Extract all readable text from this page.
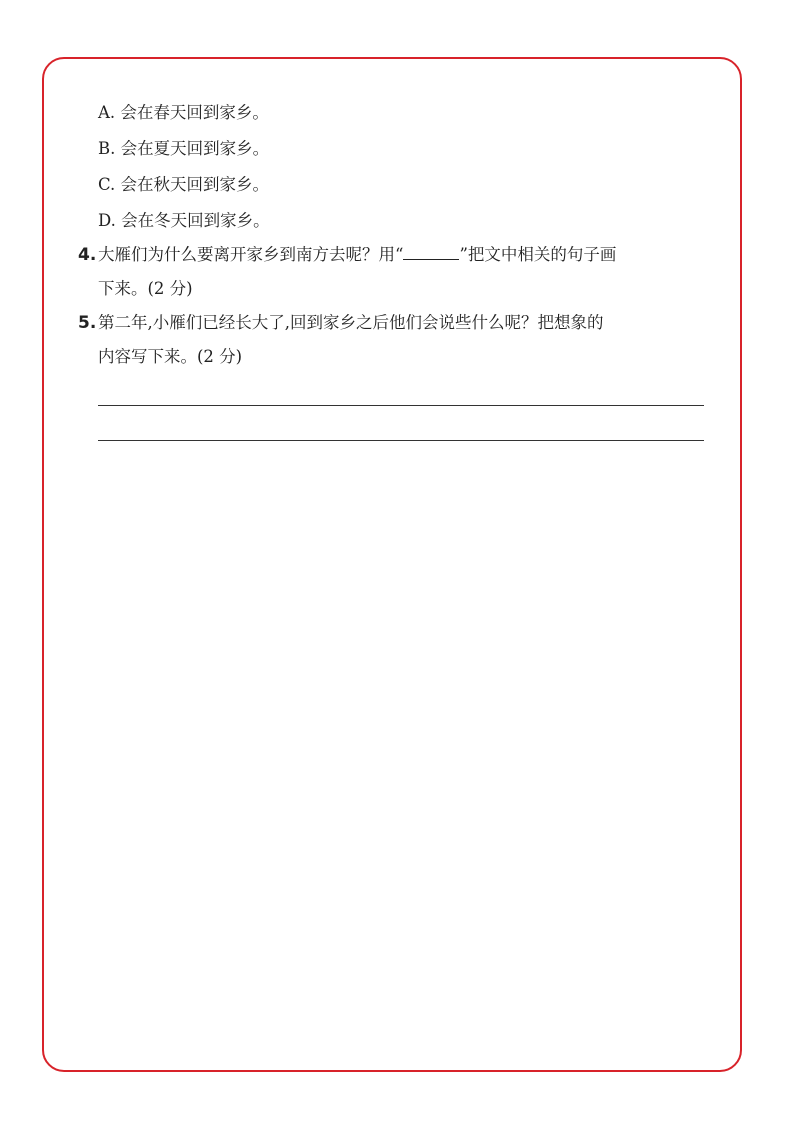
A. 会在春天回到家乡。
B. 会在夏天回到家乡。
C. 会在秋天回到家乡。
D. 会在冬天回到家乡。
4. 大雁们为什么要离开家乡到南方去呢？用“	”把文中相关的句子画
下来。(2 分)
5. 第二年,小雁们已经长大了,回到家乡之后他们会说些什么呢？把想象的
内容写下来。(2 分)
